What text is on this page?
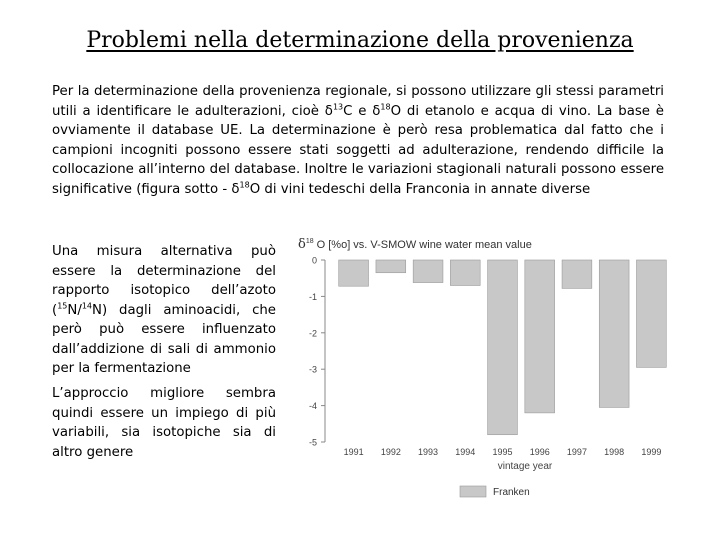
Problemi nella determinazione della provenienza

Per la determinazione della provenienza regionale, si possono utilizzare gli stessi parametri utili a identificare le adulterazioni, cioè $\delta^{13}C$ e $\delta^{18}O$ di etanolo e acqua di vino. La base è ovviamente il database UE. La determinazione è però resa problematica dal fatto che i campioni incogniti possono essere stati soggetti ad adulterazione, rendendo difficile la collocazione all’interno del database. Inoltre le variazioni stagionali naturali possono essere significative (figura sotto - $\delta^{18}O$ di vini tedeschi della Franconia in annate diverse

Una misura alternativa può essere la determinazione del rapporto isotopico dell’azoto ($^{15}$N/$^{14}$N) dagli aminoacidi, che però può essere influenzato dall’addizione di sali di ammonio per la fermentazione

L’approccio migliore sembra quindi essere un impiego di più variabili, sia isotopiche sia di altro genere

$\delta^{18}$ O [%o] vs. V-SMOW wine water mean value
0
-1
-2
-3
-4
-5
1991 1992 1993 1994 1995 1996 1997 1998 1999
vintage year
Franken
